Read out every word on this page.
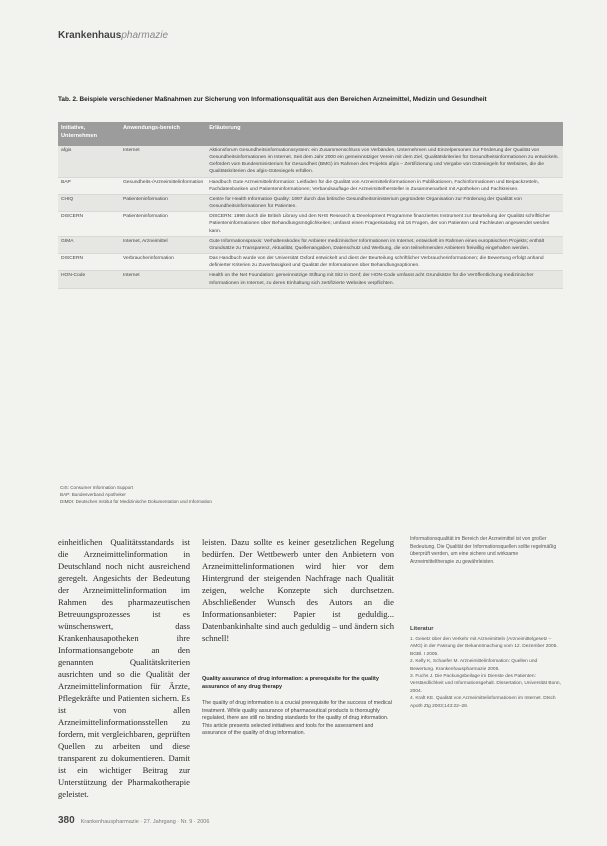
Krankenhauspharmazie
Tab. 2. Beispiele verschiedener Maßnahmen zur Sicherung von Informationsqualität aus den Bereichen Arzneimittel, Medizin und Gesundheit
Initiative, Unternehmen	Anwendungs-bereich	Erläuterung
afgis	Internet	Aktionsforum Gesundheitsinformationssystem: ein Zusammenschluss von Verbänden, Unternehmen und Einzelpersonen zur Förderung der Qualität von Gesundheitsinformationen im Internet. Seit dem Jahr 2000 ein gemeinnütziger Verein mit dem Ziel, Qualitätskriterien für Gesundheitsinformationen zu entwickeln. Gefördert vom Bundesministerium für Gesundheit (BMG) im Rahmen des Projekts afgis – Zertifizierung und Vergabe von Gütesiegeln für Websites, die die Qualitätskriterien des afgis-Gütesiegels erfüllen.
BAP	Gesundheits-/Arzneimittelinformation	Handbuch Gute Arzneimittelinformation: Leitfaden für die Qualität von Arzneimittelinformationen in Publikationen, Fachinformationen und Beipackzetteln, Fachdatenbanken und Patienteninformationen; Verbandsauflage der Arzneimittelhersteller in Zusammenarbeit mit Apotheken und Fachkreisen.
CHIQ	Patienteninformation	Centre for Health Information Quality: 1997 durch das britische Gesundheitsministerium gegründete Organisation zur Förderung der Qualität von Gesundheitsinformationen für Patienten.
DISCERN	Patienteninformation	DISCERN: 1998 durch die British Library und den NHS Research & Development Programme finanziertes Instrument zur Beurteilung der Qualität schriftlicher Patienteninformationen über Behandlungsmöglichkeiten; umfasst einen Fragenkatalog mit 16 Fragen, der von Patienten und Fachleuten angewendet werden kann.
GIMA	Internet, Arzneimittel	Gute Informationspraxis: Verhaltenskodex für Anbieter medizinischer Informationen im Internet, entwickelt im Rahmen eines europäischen Projekts; enthält Grundsätze zu Transparenz, Aktualität, Quellenangaben, Datenschutz und Werbung, die von teilnehmenden Anbietern freiwillig eingehalten werden.
DISCERN	Verbraucherinformation	Das Handbuch wurde von der Universität Oxford entwickelt und dient der Beurteilung schriftlicher Verbraucherinformationen; die Bewertung erfolgt anhand definierter Kriterien zu Zuverlässigkeit und Qualität der Informationen über Behandlungsoptionen.
HON-Code	Internet	Health on the Net Foundation: gemeinnützige Stiftung mit Sitz in Genf; der HON-Code umfasst acht Grundsätze für die Veröffentlichung medizinischer Informationen im Internet, zu deren Einhaltung sich zertifizierte Websites verpflichten.
CIS: Consumer Information Support
BAP: Bundesverband Apotheker
DIMDI: Deutsches Institut für Medizinische Dokumentation und Information
einheitlichen Qualitätsstandards ist die Arzneimittelinformation in Deutschland noch nicht ausreichend geregelt. Angesichts der Bedeutung der Arzneimittelinformation im Rahmen des pharmazeutischen Betreuungsprozesses ist es wünschenswert, dass Krankenhausapotheken ihre Informationsangebote an den genannten Qualitätskriterien ausrichten und so die Qualität der Arzneimittelinformation für Ärzte, Pflegekräfte und Patienten sichern. Es ist von allen Arzneimittelinformationsstellen zu fordern, mit vergleichbaren, geprüften Quellen zu arbeiten und diese transparent zu dokumentieren. Damit ist ein wichtiger Beitrag zur Unterstützung der Pharmakotherapie geleistet.
leisten. Dazu sollte es keiner gesetzlichen Regelung bedürfen. Der Wettbewerb unter den Anbietern von Arzneimittelinformationen wird hier vor dem Hintergrund der steigenden Nachfrage nach Qualität zeigen, welche Konzepte sich durchsetzen. Abschließender Wunsch des Autors an die Informationsanbieter: Papier ist geduldig... Datenbankinhalte sind auch geduldig – und ändern sich schnell!
Quality assurance of drug information: a prerequisite for the quality assurance of any drug therapy
The quality of drug information is a crucial prerequisite for the success of medical treatment. While quality assurance of pharmaceutical products is thoroughly regulated, there are still no binding standards for the quality of drug information. This article presents selected initiatives and tools for the assessment and assurance of the quality of drug information.
Informationsqualität im Bereich der Arzneimittel ist von großer Bedeutung. Die Qualität der Informationsquellen sollte regelmäßig überprüft werden, um eine sichere und wirksame Arzneimitteltherapie zu gewährleisten.
Literatur
1. Gesetz über den Verkehr mit Arzneimitteln (Arzneimittelgesetz – AMG) in der Fassung der Bekanntmachung vom 12. Dezember 2005. BGBl. I 2005.
2. Kelly K, Schaefer M. Arzneimittelinformation: Quellen und Bewertung. Krankenhauspharmazie 2005.
3. Fuchs J. Die Packungsbeilage im Dienste des Patienten: Verständlichkeit und Informationsgehalt. Dissertation, Universität Bonn, 2004.
4. Kraft KE. Qualität von Arzneimittelinformationen im Internet. Dtsch Apoth Ztg 2003;143:22–28.
380 Krankenhauspharmazie · 27. Jahrgang · Nr. 9 · 2006
